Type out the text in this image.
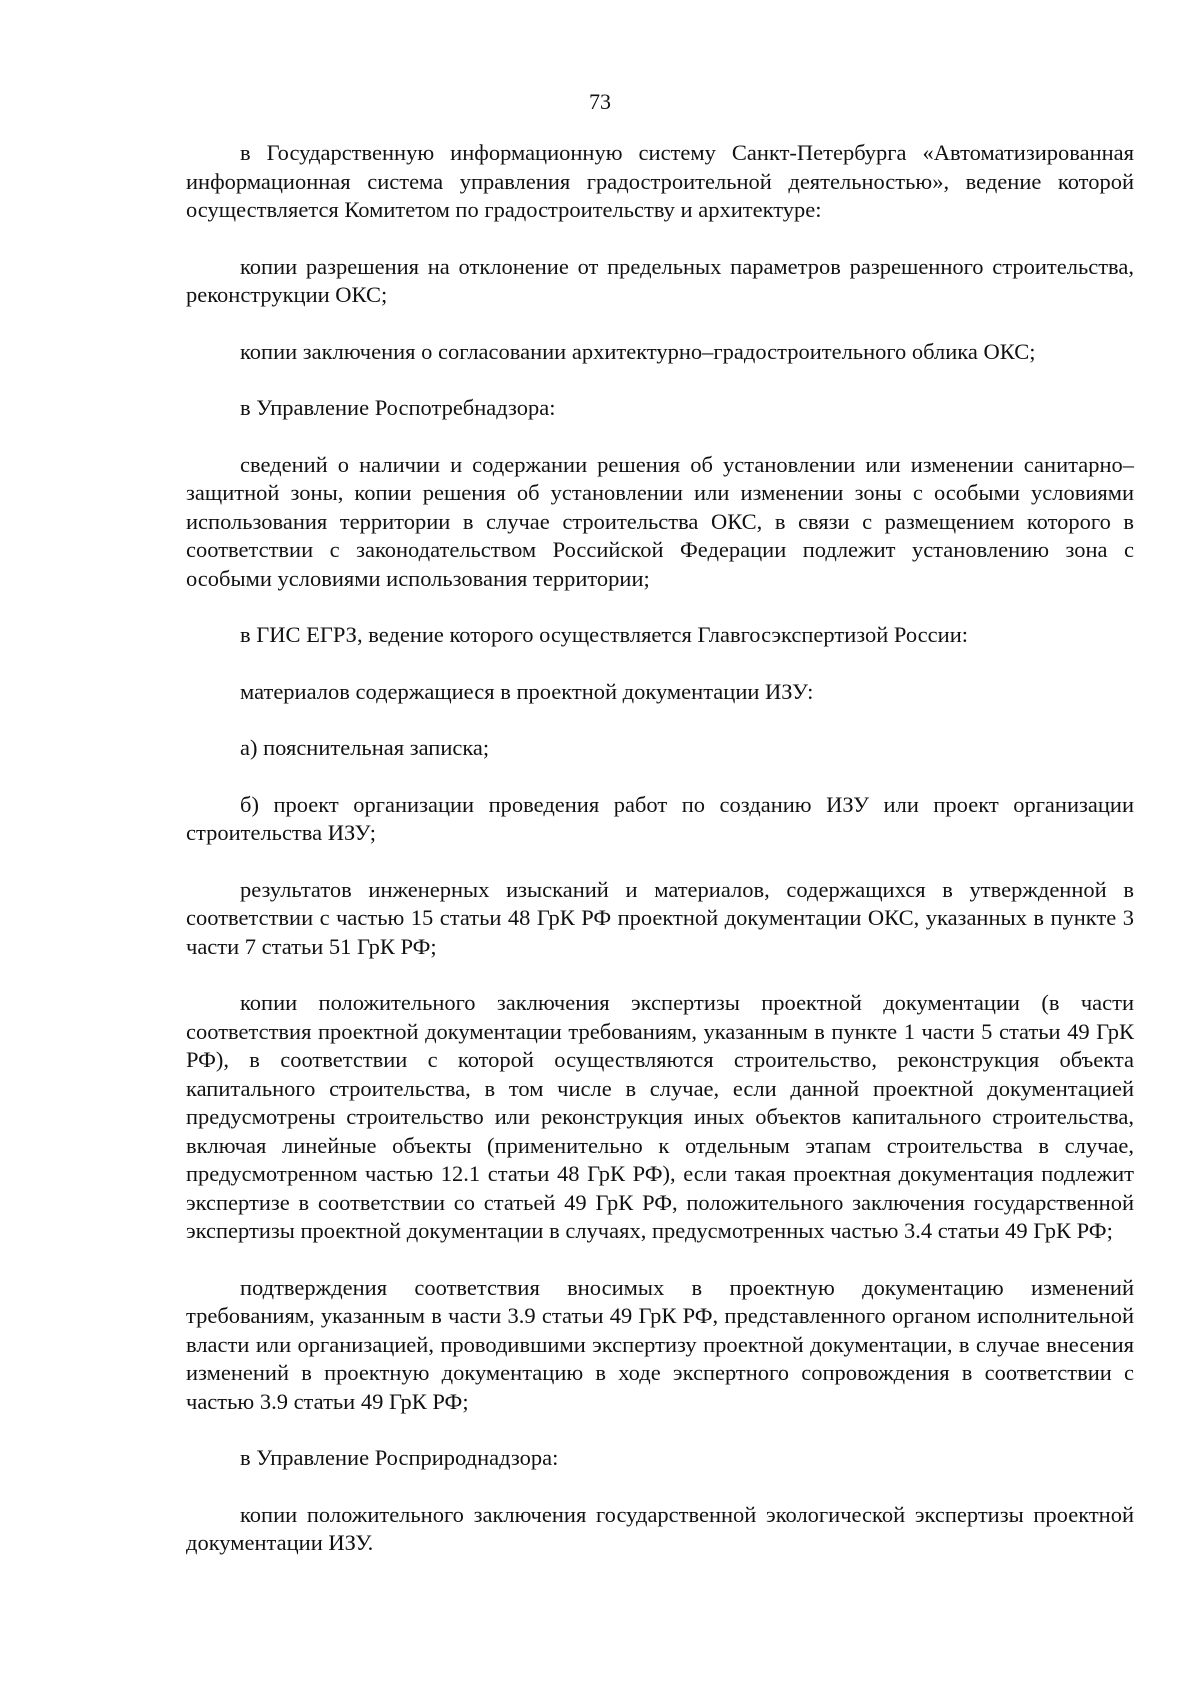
73

в Государственную информационную систему Санкт-Петербурга «Автоматизированная информационная система управления градостроительной деятельностью», ведение которой осуществляется Комитетом по градостроительству и архитектуре:

копии разрешения на отклонение от предельных параметров разрешенного строительства, реконструкции ОКС;

копии заключения о согласовании архитектурно–градостроительного облика ОКС;

в Управление Роспотребнадзора:

сведений о наличии и содержании решения об установлении или изменении санитарно–защитной зоны, копии решения об установлении или изменении зоны с особыми условиями использования территории в случае строительства ОКС, в связи с размещением которого в соответствии с законодательством Российской Федерации подлежит установлению зона с особыми условиями использования территории;

в ГИС ЕГРЗ, ведение которого осуществляется Главгосэкспертизой России:

материалов содержащиеся в проектной документации ИЗУ:

а) пояснительная записка;

б) проект организации проведения работ по созданию ИЗУ или проект организации строительства ИЗУ;

результатов инженерных изысканий и материалов, содержащихся в утвержденной в соответствии с частью 15 статьи 48 ГрК РФ проектной документации ОКС, указанных в пункте 3 части 7 статьи 51 ГрК РФ;

копии положительного заключения экспертизы проектной документации (в части соответствия проектной документации требованиям, указанным в пункте 1 части 5 статьи 49 ГрК РФ), в соответствии с которой осуществляются строительство, реконструкция объекта капитального строительства, в том числе в случае, если данной проектной документацией предусмотрены строительство или реконструкция иных объектов капитального строительства, включая линейные объекты (применительно к отдельным этапам строительства в случае, предусмотренном частью 12.1 статьи 48 ГрК РФ), если такая проектная документация подлежит экспертизе в соответствии со статьей 49 ГрК РФ, положительного заключения государственной экспертизы проектной документации в случаях, предусмотренных частью 3.4 статьи 49 ГрК РФ;

подтверждения соответствия вносимых в проектную документацию изменений требованиям, указанным в части 3.9 статьи 49 ГрК РФ, представленного органом исполнительной власти или организацией, проводившими экспертизу проектной документации, в случае внесения изменений в проектную документацию в ходе экспертного сопровождения в соответствии с частью 3.9 статьи 49 ГрК РФ;

в Управление Росприроднадзора:

копии положительного заключения государственной экологической экспертизы проектной документации ИЗУ.
